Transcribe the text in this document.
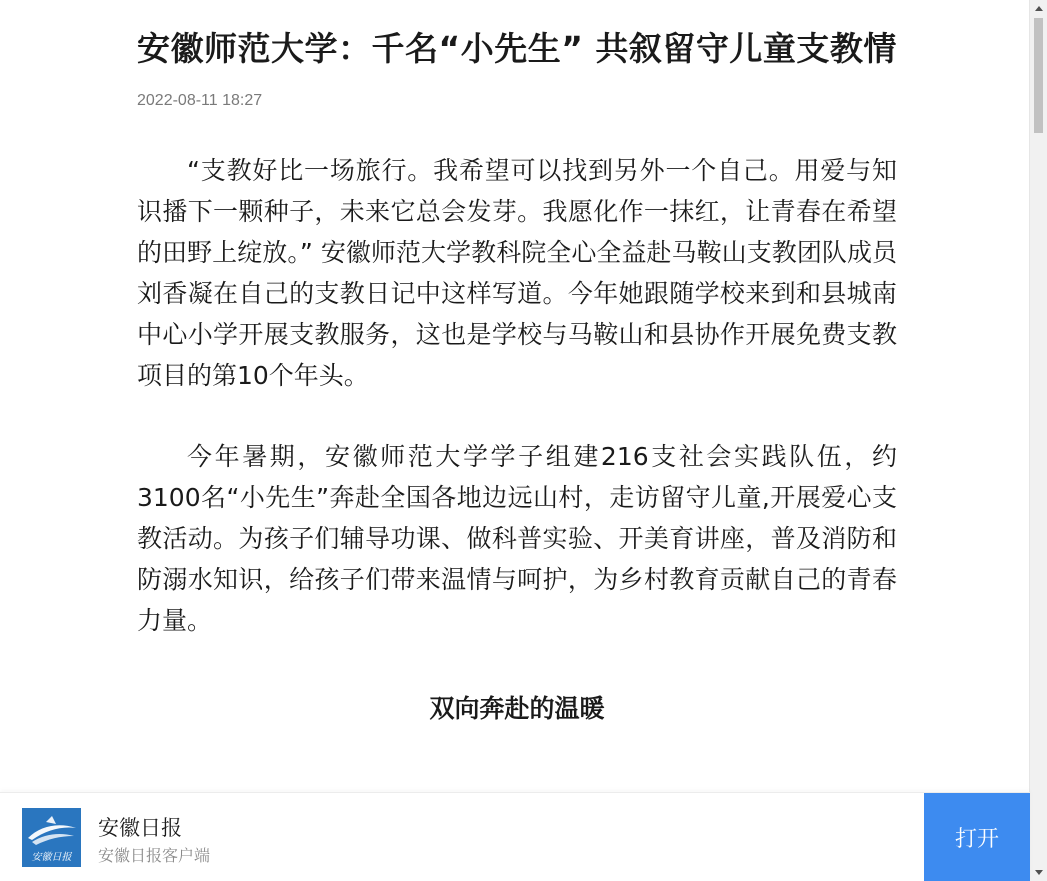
安徽师范大学：千名“小先生” 共叙留守儿童支教情
2022-08-11 18:27

“支教好比一场旅行。我希望可以找到另外一个自己。用爱与知识播下一颗种子，未来它总会发芽。我愿化作一抹红，让青春在希望的田野上绽放。” 安徽师范大学教科院全心全益赴马鞍山支教团队成员刘香凝在自己的支教日记中这样写道。今年她跟随学校来到和县城南中心小学开展支教服务，这也是学校与马鞍山和县协作开展免费支教项目的第10个年头。

今年暑期，安徽师范大学学子组建216支社会实践队伍，约3100名“小先生”奔赴全国各地边远山村，走访留守儿童,开展爱心支教活动。为孩子们辅导功课、做科普实验、开美育讲座，普及消防和防溺水知识，给孩子们带来温情与呵护，为乡村教育贡献自己的青春力量。

双向奔赴的温暖
安徽日报
安徽日报
安徽日报客户端
打开
